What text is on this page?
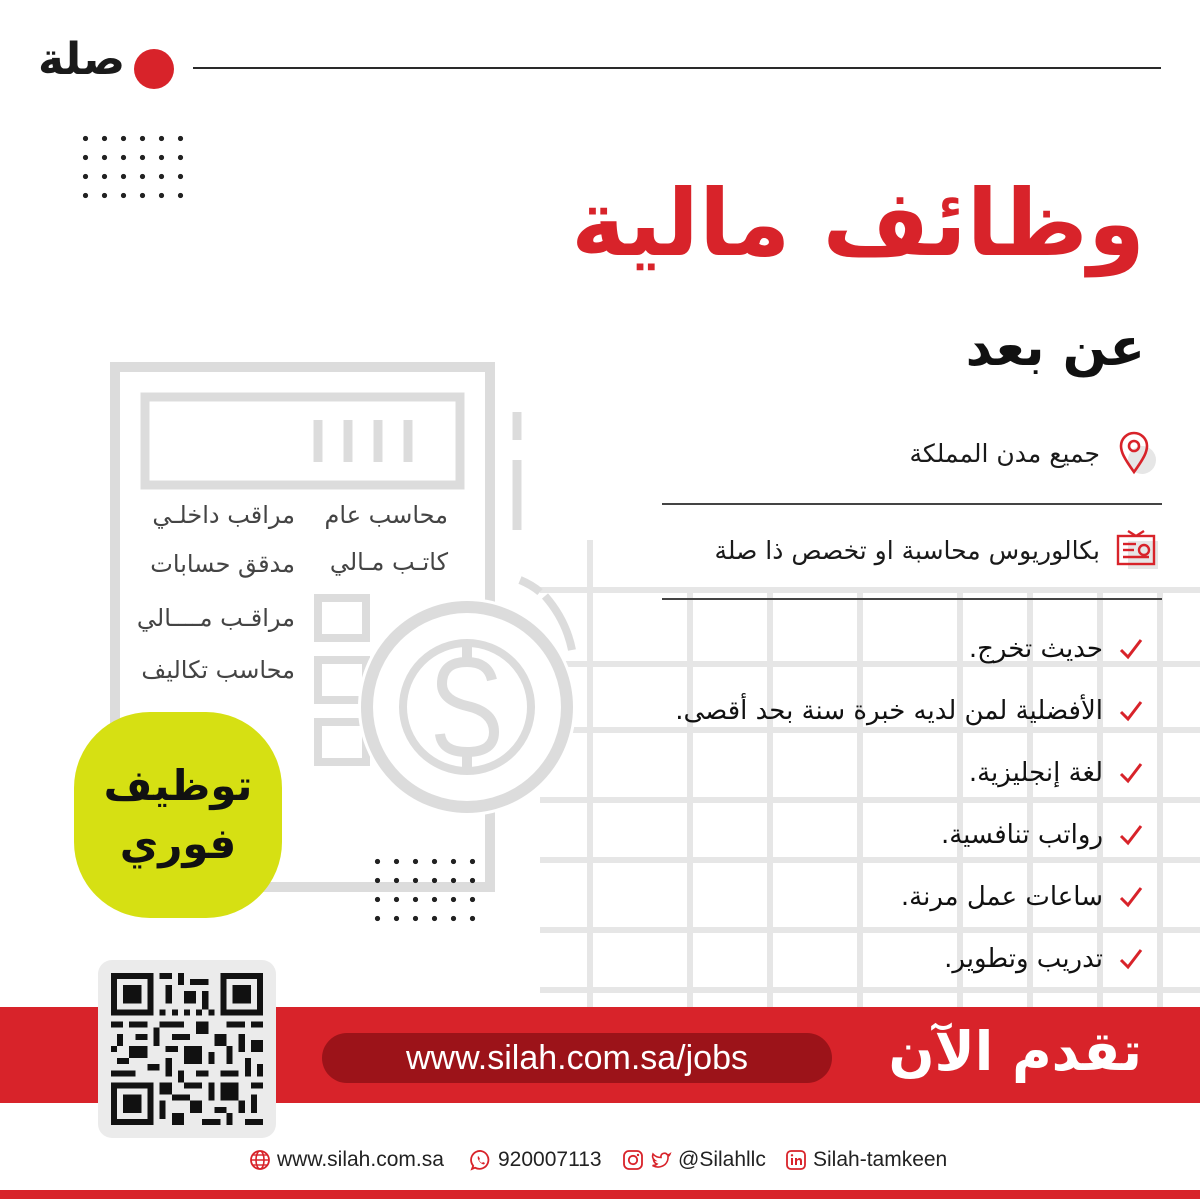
صلة
وظائف مالية
عن بعد
جميع مدن المملكة
بكالوريوس محاسبة او تخصص ذا صلة
حديث تخرج.
الأفضلية لمن لديه خبرة سنة بحد أقصى.
لغة إنجليزية.
رواتب تنافسية.
ساعات عمل مرنة.
تدريب وتطوير.
محاسب عام
كاتـب مـالي
مراقب داخلـي
مدقق حسابات
مراقـب مــــالي
محاسب تكاليف
توظيف
فوري
www.silah.com.sa/jobs	تقدم الآن
www.silah.com.sa	920007113	@Silahllc Silah-tamkeen
